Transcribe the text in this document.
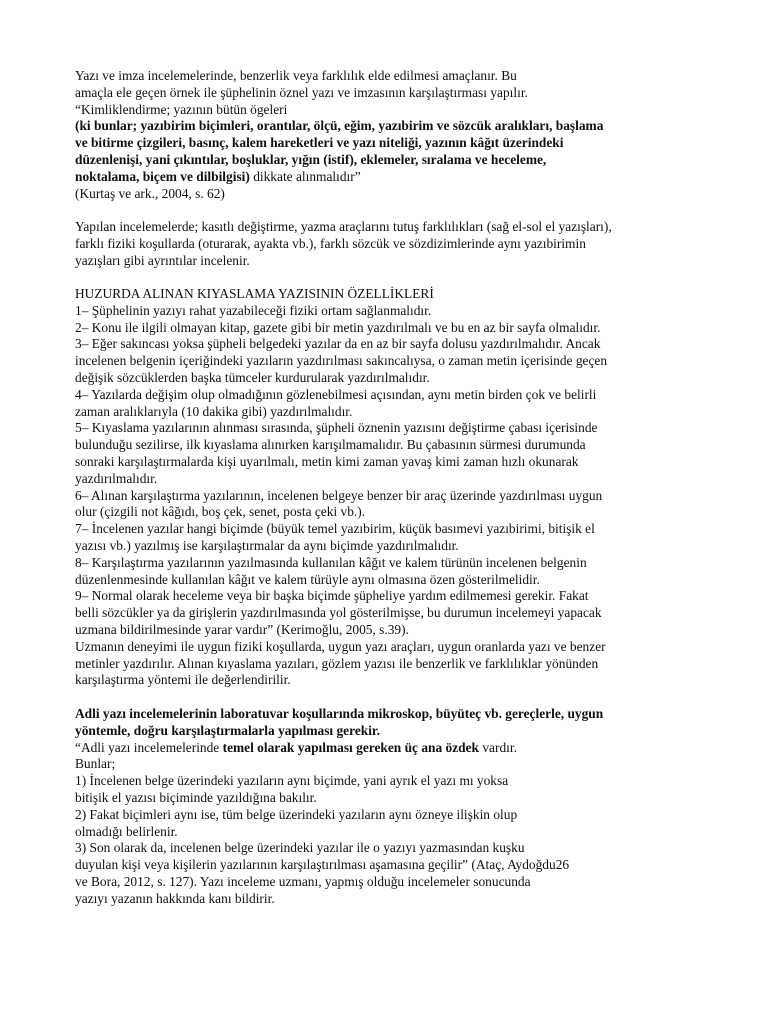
Yazı ve imza incelemelerinde, benzerlik veya farklılık elde edilmesi amaçlanır. Bu
amaçla ele geçen örnek ile şüphelinin öznel yazı ve imzasının karşılaştırması yapılır.
“Kimliklendirme; yazının bütün ögeleri
(ki bunlar; yazıbirim biçimleri, orantılar, ölçü, eğim, yazıbirim ve sözcük aralıkları, başlama
ve bitirme çizgileri, basınç, kalem hareketleri ve yazı niteliği, yazının kâğıt üzerindeki
düzenlenişi, yani çıkıntılar, boşluklar, yığın (istif), eklemeler, sıralama ve heceleme,
noktalama, biçem ve dilbilgisi) dikkate alınmalıdır”
(Kurtaş ve ark., 2004, s. 62)
Yapılan incelemelerde; kasıtlı değiştirme, yazma araçlarını tutuş farklılıkları (sağ el-sol el yazışları),
farklı fiziki koşullarda (oturarak, ayakta vb.), farklı sözcük ve sözdizimlerinde aynı yazıbirimin
yazışları gibi ayrıntılar incelenir.
HUZURDA ALINAN KIYASLAMA YAZISININ ÖZELLİKLERİ
1– Şüphelinin yazıyı rahat yazabileceği fiziki ortam sağlanmalıdır.
2– Konu ile ilgili olmayan kitap, gazete gibi bir metin yazdırılmalı ve bu en az bir sayfa olmalıdır.
3– Eğer sakıncası yoksa şüpheli belgedeki yazılar da en az bir sayfa dolusu yazdırılmalıdır. Ancak
incelenen belgenin içeriğindeki yazıların yazdırılması sakıncalıysa, o zaman metin içerisinde geçen
değişik sözcüklerden başka tümceler kurdurularak yazdırılmalıdır.
4– Yazılarda değişim olup olmadığının gözlenebilmesi açısından, aynı metin birden çok ve belirli
zaman aralıklarıyla (10 dakika gibi) yazdırılmalıdır.
5– Kıyaslama yazılarının alınması sırasında, şüpheli öznenin yazısını değiştirme çabası içerisinde
bulunduğu sezilirse, ilk kıyaslama alınırken karışılmamalıdır. Bu çabasının sürmesi durumunda
sonraki karşılaştırmalarda kişi uyarılmalı, metin kimi zaman yavaş kimi zaman hızlı okunarak
yazdırılmalıdır.
6– Alınan karşılaştırma yazılarının, incelenen belgeye benzer bir araç üzerinde yazdırılması uygun
olur (çizgili not kâğıdı, boş çek, senet, posta çeki vb.).
7– İncelenen yazılar hangi biçimde (büyük temel yazıbirim, küçük basımevi yazıbirimi, bitişik el
yazısı vb.) yazılmış ise karşılaştırmalar da aynı biçimde yazdırılmalıdır.
8– Karşılaştırma yazılarının yazılmasında kullanılan kâğıt ve kalem türünün incelenen belgenin
düzenlenmesinde kullanılan kâğıt ve kalem türüyle aynı olmasına özen gösterilmelidir.
9– Normal olarak heceleme veya bir başka biçimde şüpheliye yardım edilmemesi gerekir. Fakat
belli sözcükler ya da girişlerin yazdırılmasında yol gösterilmişse, bu durumun incelemeyi yapacak
uzmana bildirilmesinde yarar vardır” (Kerimoğlu, 2005, s.39).
Uzmanın deneyimi ile uygun fiziki koşullarda, uygun yazı araçları, uygun oranlarda yazı ve benzer
metinler yazdırılır. Alınan kıyaslama yazıları, gözlem yazısı ile benzerlik ve farklılıklar yönünden
karşılaştırma yöntemi ile değerlendirilir.
Adli yazı incelemelerinin laboratuvar koşullarında mikroskop, büyüteç vb. gereçlerle, uygun
yöntemle, doğru karşılaştırmalarla yapılması gerekir.
“Adli yazı incelemelerinde temel olarak yapılması gereken üç ana özdek vardır.
Bunlar;
1) İncelenen belge üzerindeki yazıların aynı biçimde, yani ayrık el yazı mı yoksa
bitişik el yazısı biçiminde yazıldığına bakılır.
2) Fakat biçimleri aynı ise, tüm belge üzerindeki yazıların aynı özneye ilişkin olup
olmadığı belirlenir.
3) Son olarak da, incelenen belge üzerindeki yazılar ile o yazıyı yazmasından kuşku
duyulan kişi veya kişilerin yazılarının karşılaştırılması aşamasına geçilir” (Ataç, Aydoğdu26
ve Bora, 2012, s. 127). Yazı inceleme uzmanı, yapmış olduğu incelemeler sonucunda
yazıyı yazanın hakkında kanı bildirir.
